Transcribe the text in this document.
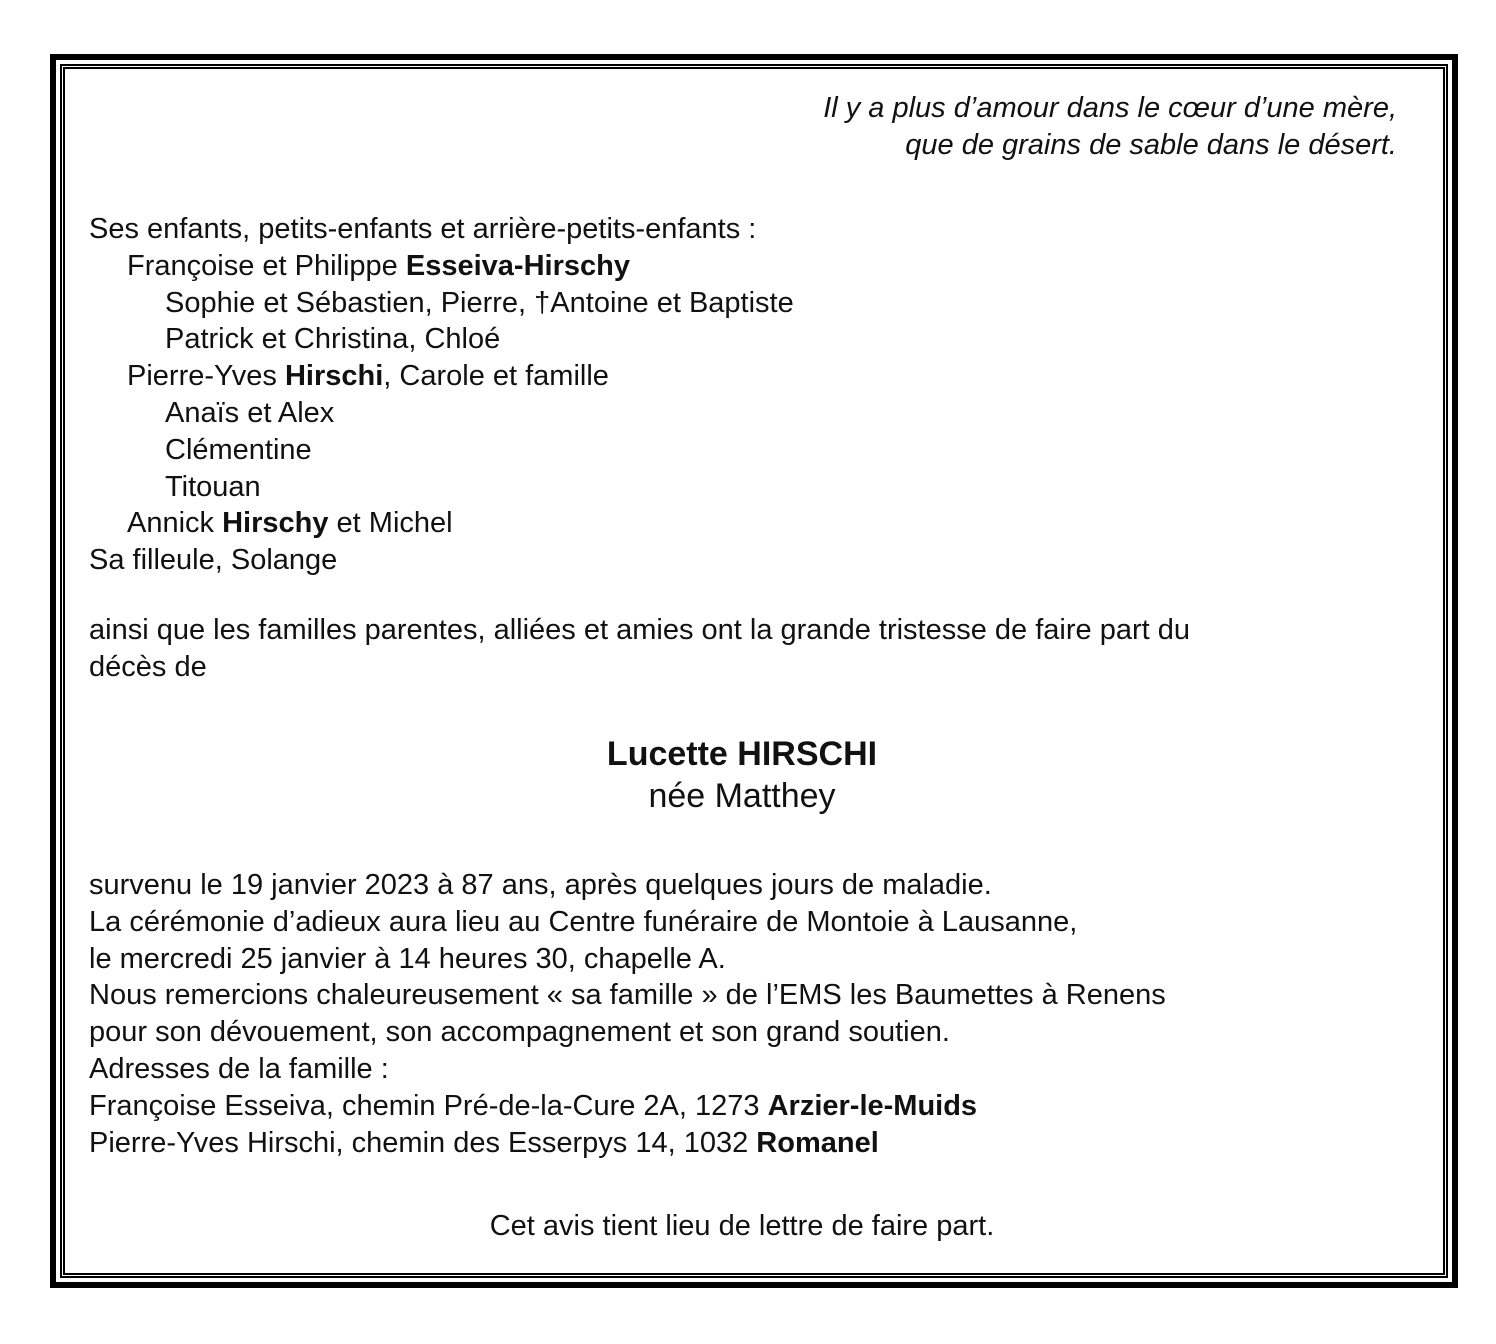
Il y a plus d’amour dans le cœur d’une mère,
que de grains de sable dans le désert.
Ses enfants, petits-enfants et arrière-petits-enfants :
Françoise et Philippe Esseiva-Hirschy
Sophie et Sébastien, Pierre, †Antoine et Baptiste
Patrick et Christina, Chloé
Pierre-Yves Hirschi, Carole et famille
Anaïs et Alex
Clémentine
Titouan
Annick Hirschy et Michel
Sa filleule, Solange
ainsi que les familles parentes, alliées et amies ont la grande tristesse de faire part du
décès de
Lucette HIRSCHI
née Matthey
survenu le 19 janvier 2023 à 87 ans, après quelques jours de maladie.
La cérémonie d’adieux aura lieu au Centre funéraire de Montoie à Lausanne,
le mercredi 25 janvier à 14 heures 30, chapelle A.
Nous remercions chaleureusement « sa famille » de l’EMS les Baumettes à Renens
pour son dévouement, son accompagnement et son grand soutien.
Adresses de la famille :
Françoise Esseiva, chemin Pré-de-la-Cure 2A, 1273 Arzier-le-Muids
Pierre-Yves Hirschi, chemin des Esserpys 14, 1032 Romanel
Cet avis tient lieu de lettre de faire part.
